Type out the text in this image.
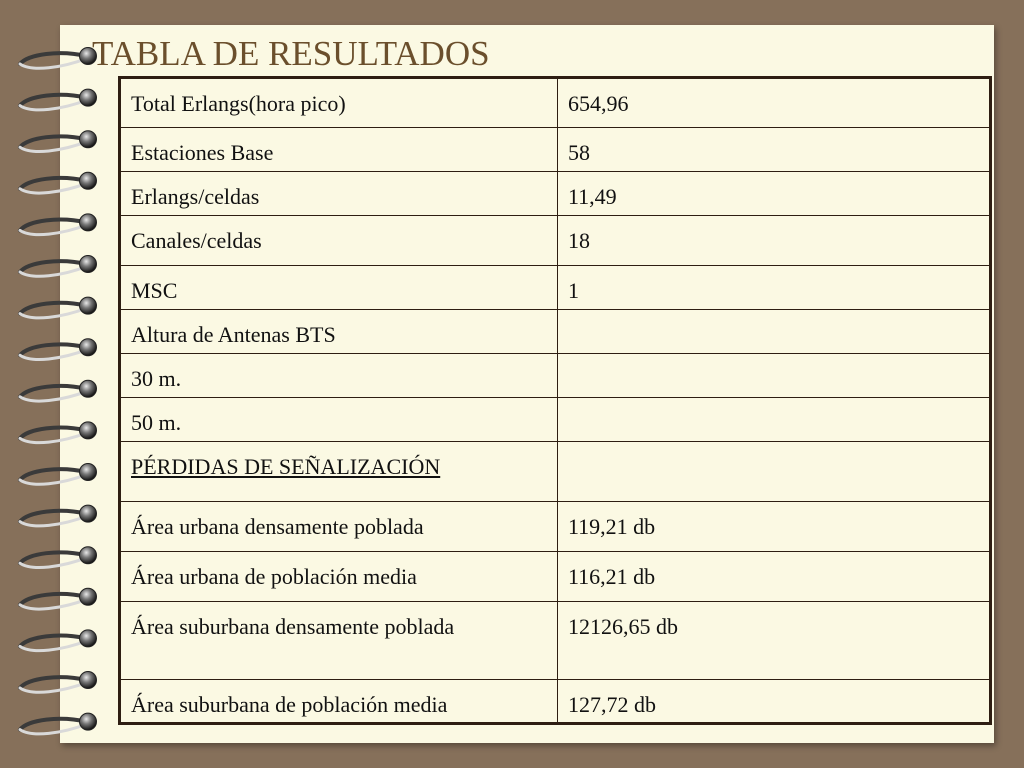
TABLA DE RESULTADOS
Total Erlangs(hora pico)	654,96
Estaciones Base	58
Erlangs/celdas	11,49
Canales/celdas	18
MSC	1
Altura de Antenas BTS	
30 m.	
50 m.	
PÉRDIDAS DE SEÑALIZACIÓN	
Área urbana densamente poblada	119,21 db
Área urbana de población media	116,21 db
Área suburbana densamente poblada	12126,65 db
Área suburbana de población media	127,72 db
